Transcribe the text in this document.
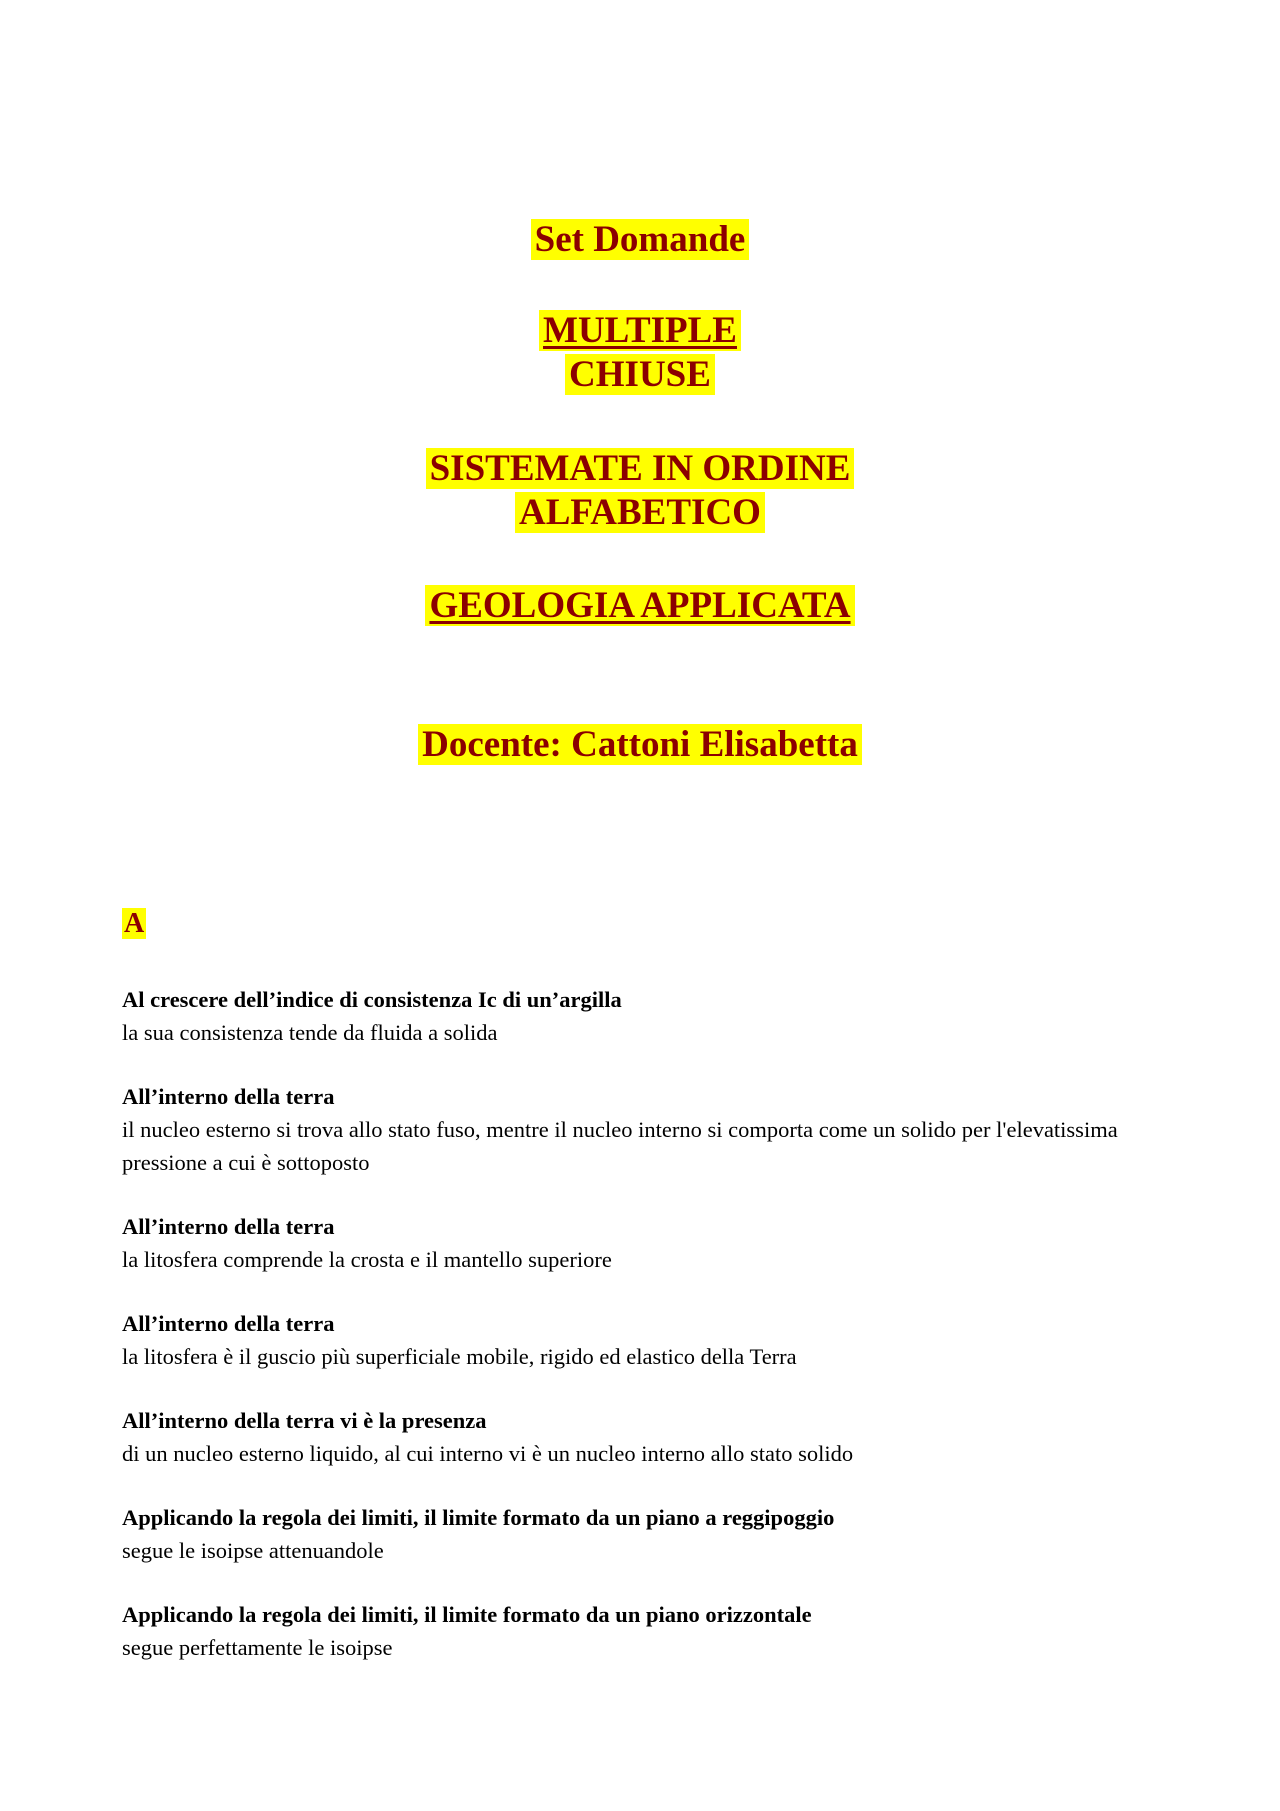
Set Domande
MULTIPLE
CHIUSE
SISTEMATE IN ORDINE
ALFABETICO
GEOLOGIA APPLICATA
Docente: Cattoni Elisabetta
A
Al crescere dell’indice di consistenza Ic di un’argilla
la sua consistenza tende da fluida a solida
All’interno della terra
il nucleo esterno si trova allo stato fuso, mentre il nucleo interno si comporta come un solido per l'elevatissima pressione a cui è sottoposto
All’interno della terra
la litosfera comprende la crosta e il mantello superiore
All’interno della terra
la litosfera è il guscio più superficiale mobile, rigido ed elastico della Terra
All’interno della terra vi è la presenza
di un nucleo esterno liquido, al cui interno vi è un nucleo interno allo stato solido
Applicando la regola dei limiti, il limite formato da un piano a reggipoggio
segue le isoipse attenuandole
Applicando la regola dei limiti, il limite formato da un piano orizzontale
segue perfettamente le isoipse
